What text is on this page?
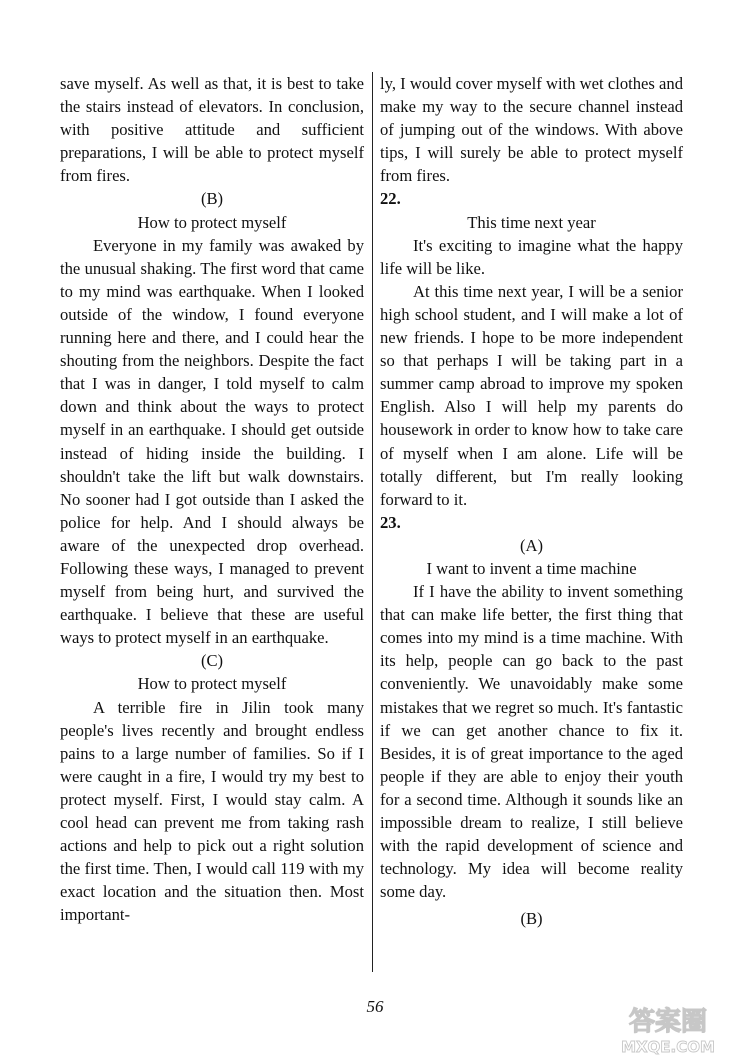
save myself. As well as that, it is best to take the stairs instead of elevators. In conclusion, with positive attitude and sufficient preparations, I will be able to protect myself from fires.

(B)

How to protect myself

Everyone in my family was awaked by the unusual shaking. The first word that came to my mind was earthquake. When I looked outside of the window, I found everyone running here and there, and I could hear the shouting from the neighbors. Despite the fact that I was in danger, I told myself to calm down and think about the ways to protect myself in an earthquake. I should get outside instead of hiding inside the building. I shouldn't take the lift but walk downstairs. No sooner had I got outside than I asked the police for help. And I should always be aware of the unexpected drop overhead. Following these ways, I managed to prevent myself from being hurt, and survived the earthquake. I believe that these are useful ways to protect myself in an earthquake.

(C)

How to protect myself

A terrible fire in Jilin took many people's lives recently and brought endless pains to a large number of families. So if I were caught in a fire, I would try my best to protect myself. First, I would stay calm. A cool head can prevent me from taking rash actions and help to pick out a right solution the first time. Then, I would call 119 with my exact location and the situation then. Most important-

ly, I would cover myself with wet clothes and make my way to the secure channel instead of jumping out of the windows. With above tips, I will surely be able to protect myself from fires.

22.

This time next year

It's exciting to imagine what the happy life will be like.

At this time next year, I will be a senior high school student, and I will make a lot of new friends. I hope to be more independent so that perhaps I will be taking part in a summer camp abroad to improve my spoken English. Also I will help my parents do housework in order to know how to take care of myself when I am alone. Life will be totally different, but I'm really looking forward to it.

23.

(A)

I want to invent a time machine

If I have the ability to invent something that can make life better, the first thing that comes into my mind is a time machine. With its help, people can go back to the past conveniently. We unavoidably make some mistakes that we regret so much. It's fantastic if we can get another chance to fix it. Besides, it is of great importance to the aged people if they are able to enjoy their youth for a second time. Although it sounds like an impossible dream to realize, I still believe with the rapid development of science and technology. My idea will become reality some day.

(B)

56
答案圈
MXQE.COM
